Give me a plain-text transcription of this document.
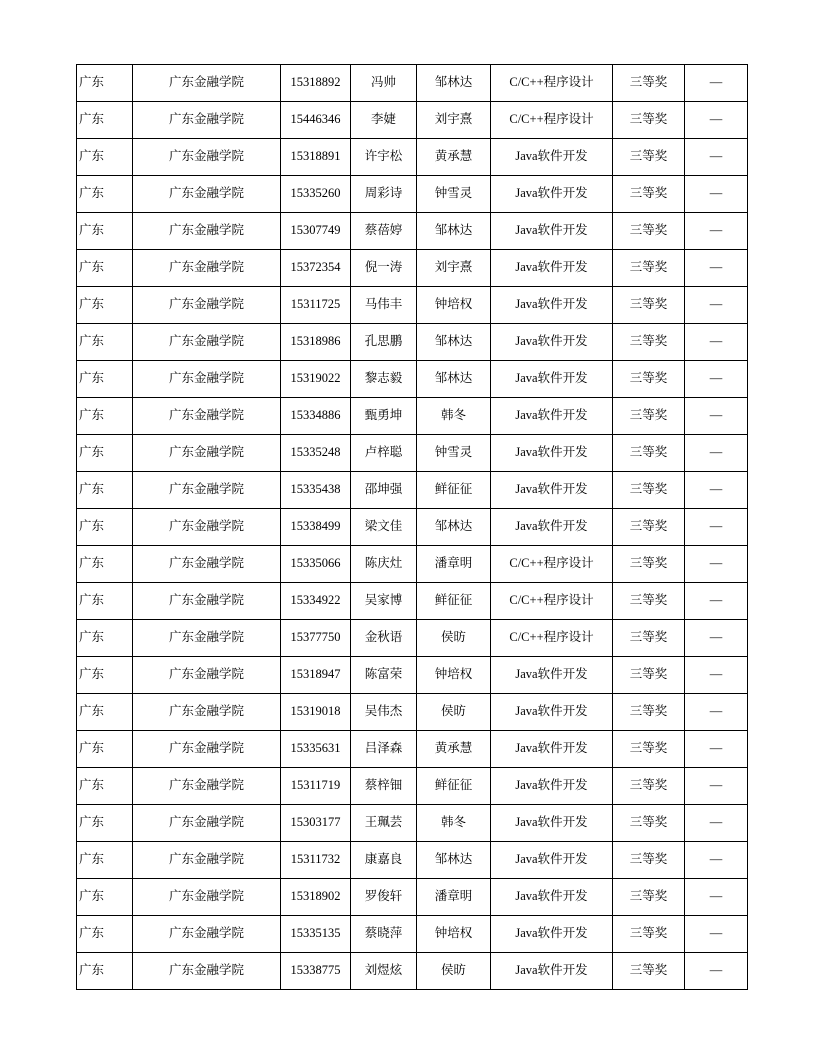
广东	广东金融学院	15318892	冯帅	邹林达	C/C++程序设计	三等奖	—
广东	广东金融学院	15446346	李婕	刘宇熹	C/C++程序设计	三等奖	—
广东	广东金融学院	15318891	许宇松	黄承慧	Java软件开发	三等奖	—
广东	广东金融学院	15335260	周彩诗	钟雪灵	Java软件开发	三等奖	—
广东	广东金融学院	15307749	蔡蓓婷	邹林达	Java软件开发	三等奖	—
广东	广东金融学院	15372354	倪一涛	刘宇熹	Java软件开发	三等奖	—
广东	广东金融学院	15311725	马伟丰	钟培权	Java软件开发	三等奖	—
广东	广东金融学院	15318986	孔思鹏	邹林达	Java软件开发	三等奖	—
广东	广东金融学院	15319022	黎志毅	邹林达	Java软件开发	三等奖	—
广东	广东金融学院	15334886	甄勇坤	韩冬	Java软件开发	三等奖	—
广东	广东金融学院	15335248	卢梓聪	钟雪灵	Java软件开发	三等奖	—
广东	广东金融学院	15335438	邵坤强	鲜征征	Java软件开发	三等奖	—
广东	广东金融学院	15338499	梁文佳	邹林达	Java软件开发	三等奖	—
广东	广东金融学院	15335066	陈庆灶	潘章明	C/C++程序设计	三等奖	—
广东	广东金融学院	15334922	吴家博	鲜征征	C/C++程序设计	三等奖	—
广东	广东金融学院	15377750	金秋语	侯昉	C/C++程序设计	三等奖	—
广东	广东金融学院	15318947	陈富荣	钟培权	Java软件开发	三等奖	—
广东	广东金融学院	15319018	吴伟杰	侯昉	Java软件开发	三等奖	—
广东	广东金融学院	15335631	吕泽森	黄承慧	Java软件开发	三等奖	—
广东	广东金融学院	15311719	蔡梓钿	鲜征征	Java软件开发	三等奖	—
广东	广东金融学院	15303177	王珮芸	韩冬	Java软件开发	三等奖	—
广东	广东金融学院	15311732	康嘉良	邹林达	Java软件开发	三等奖	—
广东	广东金融学院	15318902	罗俊轩	潘章明	Java软件开发	三等奖	—
广东	广东金融学院	15335135	蔡晓萍	钟培权	Java软件开发	三等奖	—
广东	广东金融学院	15338775	刘煜炫	侯昉	Java软件开发	三等奖	—
